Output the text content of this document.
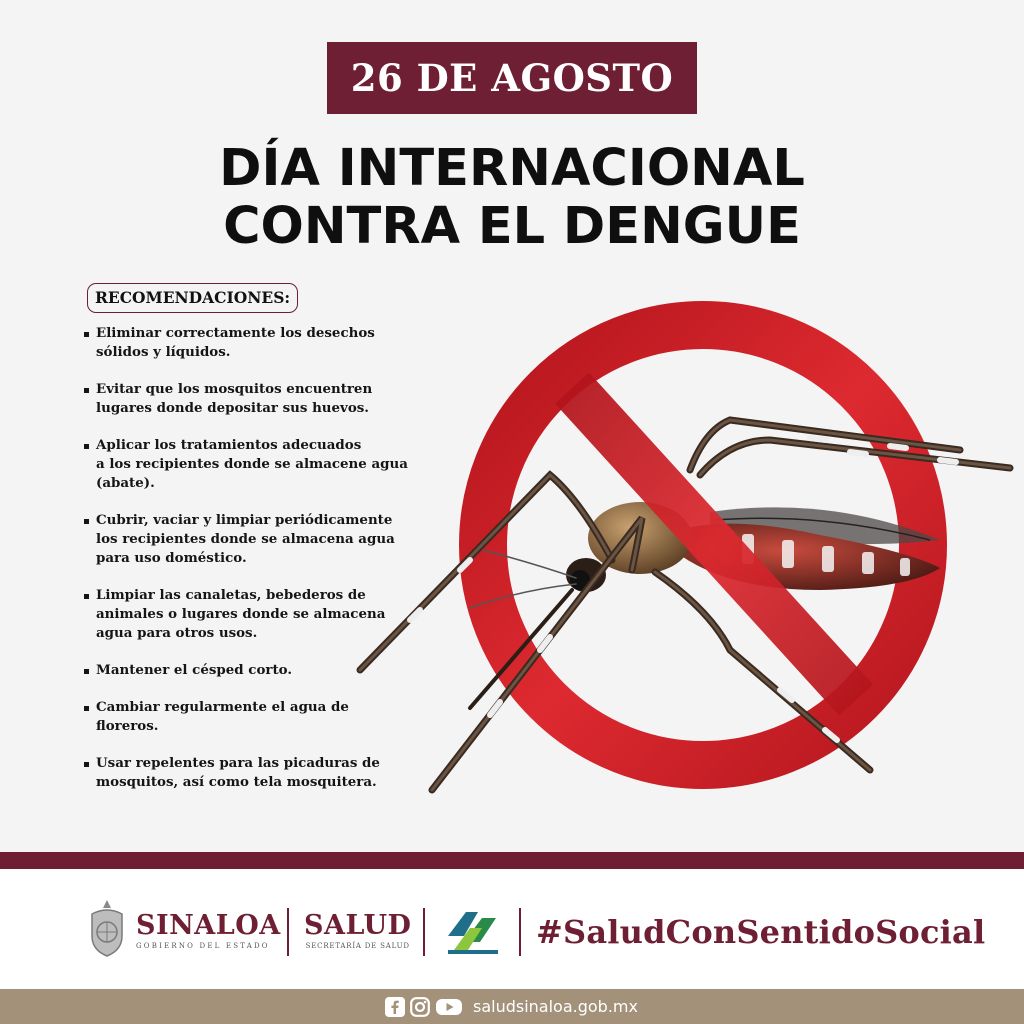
26 DE AGOSTO
DÍA INTERNACIONAL
CONTRA EL DENGUE
RECOMENDACIONES:
Eliminar correctamente los desechos
sólidos y líquidos.
Evitar que los mosquitos encuentren
lugares donde depositar sus huevos.
Aplicar los tratamientos adecuados
a los recipientes donde se almacene agua
(abate).
Cubrir, vaciar y limpiar periódicamente
los recipientes donde se almacena agua
para uso doméstico.
Limpiar las canaletas, bebederos de
animales o lugares donde se almacena
agua para otros usos.
Mantener el césped corto.
Cambiar regularmente el agua de floreros.
Usar repelentes para las picaduras de
mosquitos, así como tela mosquitera.
SINALOA
GOBIERNO DEL ESTADO
SALUD
SECRETARÍA DE SALUD	#SaludConSentidoSocial
saludsinaloa.gob.mx
